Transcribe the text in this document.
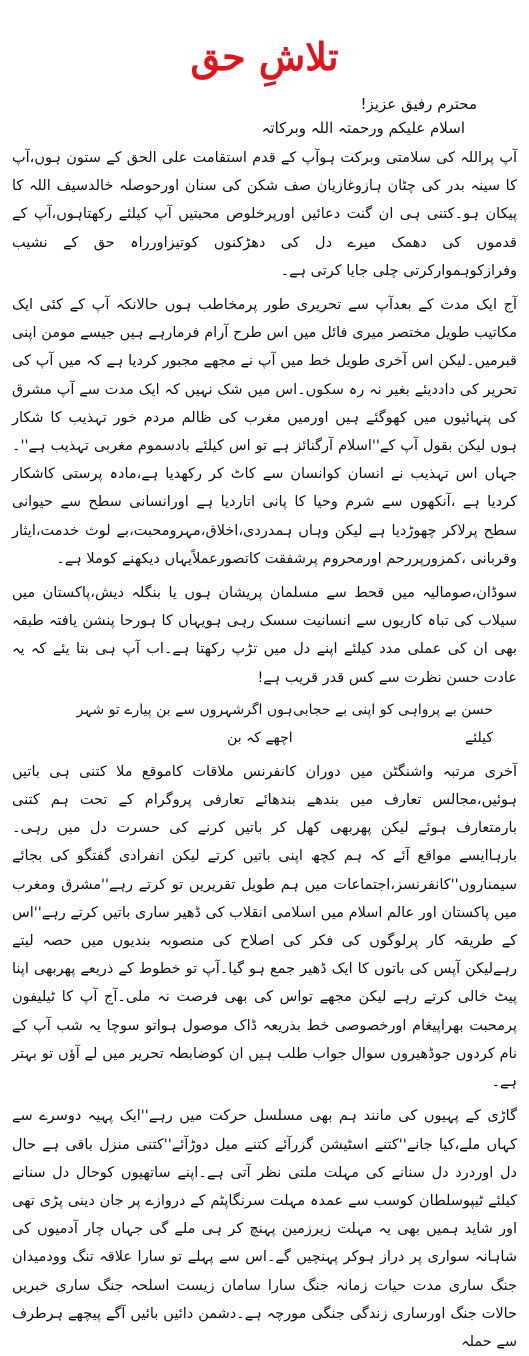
تلاشِ حق
محترم رفیق عزیز!
اسلام علیکم ورحمتہ اللہ وبرکاتہ

آپ پراللہ کی سلامتی وبرکت ہوآپ کے قدم استقامت علی الحق کے ستون ہوں،آپ کا سینہ بدر کی چٹان ہازوغازیان صف شکن کی سنان اورحوصلہ خالدسیف اللہ کا پیکان ہو۔کتنی ہی ان گنت دعائیں اورپرخلوص محبتیں آپ کیلئے رکھتاہوں،آپ کے قدموں کی دھمک میرے دل کی دھڑکنوں کوتیزاورراہ حق کے نشیب وفرازکوہموارکرتی چلی جایا کرتی ہے۔

آج ایک مدت کے بعدآپ سے تحریری طور پرمخاطب ہوں حالانکہ آپ کے کئی ایک مکاتیب طویل مختصر میری فائل میں اس طرح آرام فرمارہے ہیں جیسے مومن اپنی قبرمیں۔لیکن اس آخری طویل خط میں آپ نے مجھے مجبور کردیا ہے کہ میں آپ کی تحریر کی داددیئے بغیر نہ رہ سکوں۔اس میں شک نہیں کہ ایک مدت سے آپ مشرق کی پنہائیوں میں کھوگئے ہیں اورمیں مغرب کی ظالم مردم خور تہذیب کا شکار ہوں لیکن بقول آپ کے''اسلام آرگنائز ہے تو اس کیلئے بادسموم مغربی تہذیب ہے''۔جہاں اس تہذیب نے انسان کوانسان سے کاٹ کر رکھدیا ہے،مادہ پرستی کاشکار کردیا ہے ،آنکھوں سے شرم وحیا کا پانی اتاردیا ہے اورانسانی سطح سے حیوانی سطح پرلاکر چھوڑدیا ہے لیکن وہاں ہمدردی،اخلاق،مہرومحبت،بے لوث خدمت،ایثار وقربانی ،کمزورپررحم اورمحروم پرشفقت کاتصورعملاًیہاں دیکھنے کوملا ہے۔

سوڈان،صومالیہ میں قحط سے مسلمان پریشان ہوں یا بنگلہ دیش،پاکستان میں سیلاب کی تباہ کاریوں سے انسانیت سسک رہی ہویہاں کا ہورحا پنشن یافتہ طبقہ بھی ان کی عملی مدد کیلئے اپنے دل میں تڑپ رکھتا ہے۔اب آپ ہی بتا یئے کہ یہ عادت حسن نظرت سے کس قدر قریب ہے!

حسن بے پرواہی کو اپنی بے حجابی کیلئے
ہوں اگرشہروں سے بن پیارے تو شہر اچھے کہ بن

آخری مرتبہ واشنگٹن میں دوران کانفرنس ملاقات کاموقع ملا کتنی ہی باتیں ہوئیں،مجالس تعارف میں بندھے بندھائے تعارفی پروگرام کے تحت ہم کتنی بارمتعارف ہوئے لیکن پھربھی کھل کر باتیں کرنے کی حسرت دل میں رہی۔بارہاایسے مواقع آئے کہ ہم کچھ اپنی باتیں کرتے لیکن انفرادی گفتگو کی بجائے سیمناروں''کانفرنسز،اجتماعات میں ہم طویل تقریریں تو کرتے رہے''مشرق ومغرب میں پاکستان اور عالم اسلام میں اسلامی انقلاب کی ڈھیر ساری باتیں کرتے رہے''اس کے طریقہ کار پرلوگوں کی فکر کی اصلاح کی منصوبہ بندیوں میں حصہ لیتے رہےلیکن آپس کی باتوں کا ایک ڈھیر جمع ہو گیا۔آپ تو خطوط کے ذریعے پھربھی اپنا پیٹ خالی کرتے رہے لیکن مجھے تواس کی بھی فرصت نہ ملی۔آج آپ کا ٹیلیفون پرمحبت بھراپیغام اورخصوصی خط بذریعہ ڈاک موصول ہواتو سوچا یہ شب آپ کے نام کردوں جوڈھیروں سوال جواب طلب ہیں ان کوضابطہ تحریر میں لے آؤں تو بہتر ہے۔

گاڑی کے پہیوں کی مانند ہم بھی مسلسل حرکت میں رہے''ایک پہیہ دوسرے سے کہاں ملے،کیا جانے''کتنے اسٹیشن گزرآئے کتنے میل دوڑآئے''کتنی منزل باقی ہے حال دل اوردرد دل سنانے کی مہلت ملتی نظر آتی ہے۔اپنے ساتھیوں کوحال دل سنانے کیلئے ٹیپوسلطان کوسب سے عمدہ مہلت سرنگاپٹم کے دروازے پر جان دینی پڑی تھی اور شاید ہمیں بھی یہ مہلت زیرزمین پہنچ کر ہی ملے گی جہاں چار آدمیوں کی شاہانہ سواری پر دراز ہوکر پہنچیں گے۔اس سے پہلے تو سارا علاقہ تنگ وودمیدان جنگ ساری مدت حیات زمانہ جنگ سارا سامان زیست اسلحہ جنگ ساری خبریں حالات جنگ اورساری زندگی جنگی مورچہ ہے۔دشمن دائیں بائیں آگے پیچھے ہرطرف سے حملہ
